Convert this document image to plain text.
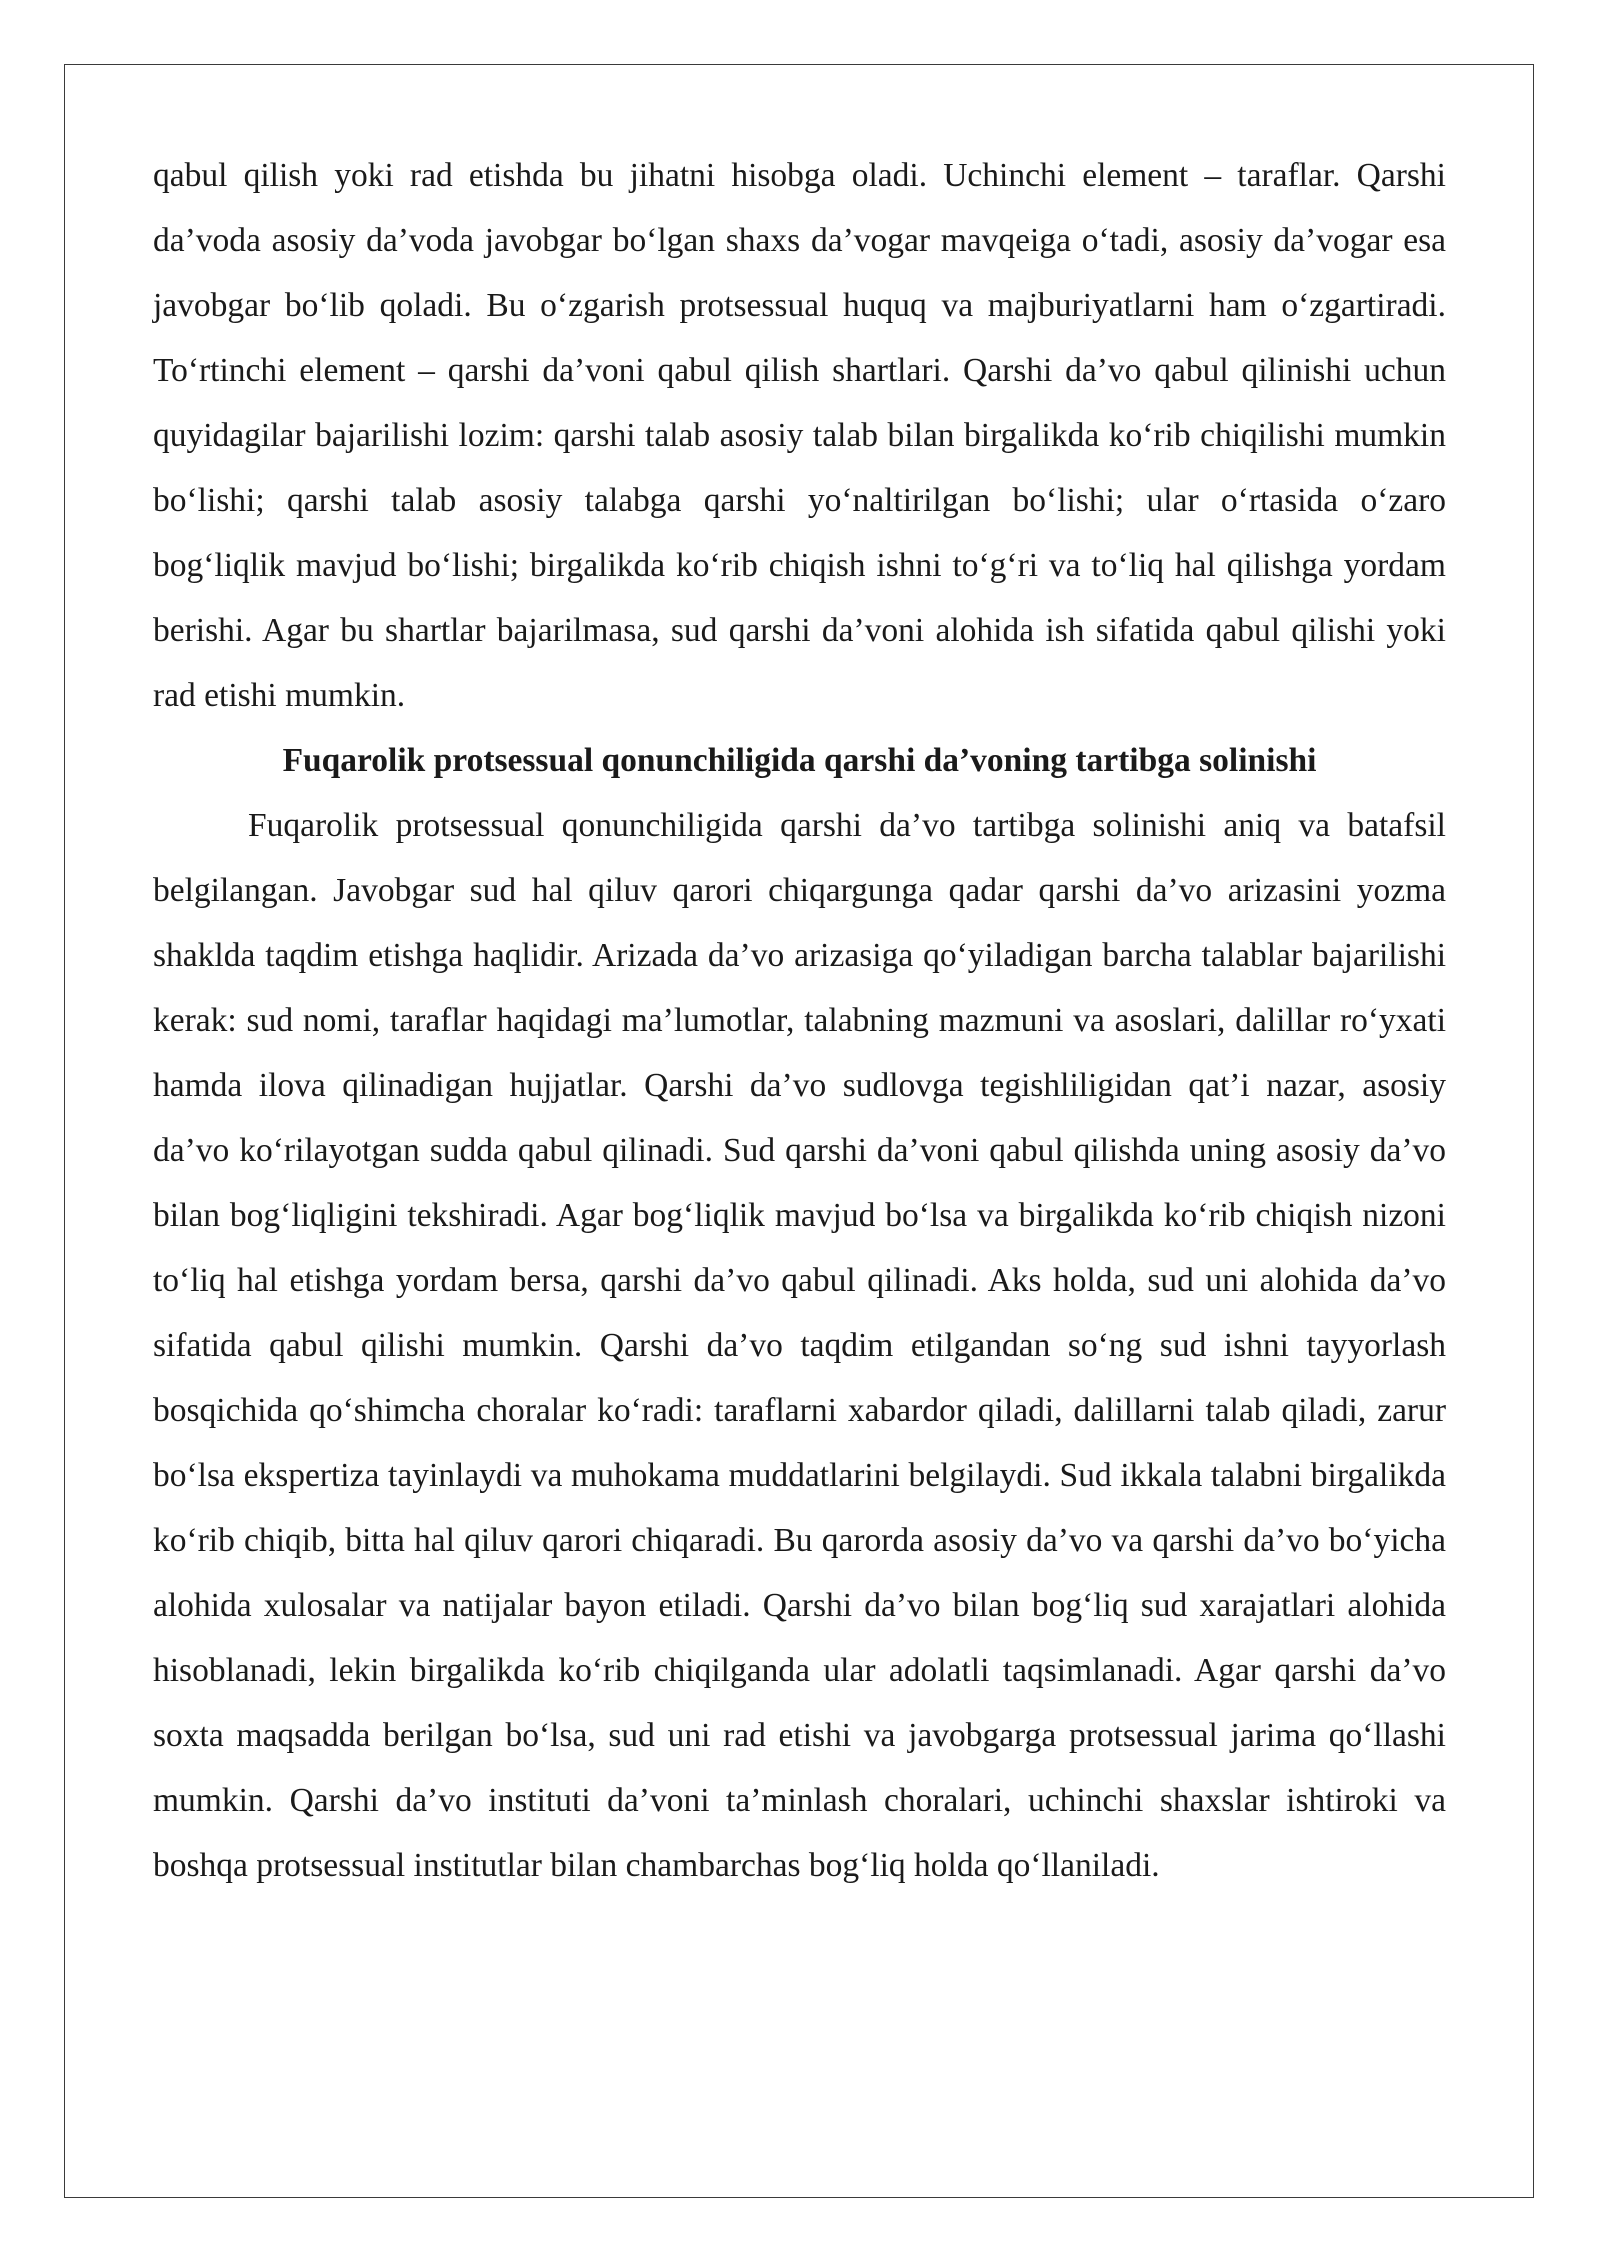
qabul qilish yoki rad etishda bu jihatni hisobga oladi. Uchinchi element – taraflar. Qarshi da’voda asosiy da’voda javobgar bo‘lgan shaxs da’vogar mavqeiga o‘tadi, asosiy da’vogar esa javobgar bo‘lib qoladi. Bu o‘zgarish protsessual huquq va majburiyatlarni ham o‘zgartiradi. To‘rtinchi element – qarshi da’voni qabul qilish shartlari. Qarshi da’vo qabul qilinishi uchun quyidagilar bajarilishi lozim: qarshi talab asosiy talab bilan birgalikda ko‘rib chiqilishi mumkin bo‘lishi; qarshi talab asosiy talabga qarshi yo‘naltirilgan bo‘lishi; ular o‘rtasida o‘zaro bog‘liqlik mavjud bo‘lishi; birgalikda ko‘rib chiqish ishni to‘g‘ri va to‘liq hal qilishga yordam berishi. Agar bu shartlar bajarilmasa, sud qarshi da’voni alohida ish sifatida qabul qilishi yoki rad etishi mumkin.

Fuqarolik protsessual qonunchiligida qarshi da’voning tartibga solinishi

Fuqarolik protsessual qonunchiligida qarshi da’vo tartibga solinishi aniq va batafsil belgilangan. Javobgar sud hal qiluv qarori chiqargunga qadar qarshi da’vo arizasini yozma shaklda taqdim etishga haqlidir. Arizada da’vo arizasiga qo‘yiladigan barcha talablar bajarilishi kerak: sud nomi, taraflar haqidagi ma’lumotlar, talabning mazmuni va asoslari, dalillar ro‘yxati hamda ilova qilinadigan hujjatlar. Qarshi da’vo sudlovga tegishliligidan qat’i nazar, asosiy da’vo ko‘rilayotgan sudda qabul qilinadi. Sud qarshi da’voni qabul qilishda uning asosiy da’vo bilan bog‘liqligini tekshiradi. Agar bog‘liqlik mavjud bo‘lsa va birgalikda ko‘rib chiqish nizoni to‘liq hal etishga yordam bersa, qarshi da’vo qabul qilinadi. Aks holda, sud uni alohida da’vo sifatida qabul qilishi mumkin. Qarshi da’vo taqdim etilgandan so‘ng sud ishni tayyorlash bosqichida qo‘shimcha choralar ko‘radi: taraflarni xabardor qiladi, dalillarni talab qiladi, zarur bo‘lsa ekspertiza tayinlaydi va muhokama muddatlarini belgilaydi. Sud ikkala talabni birgalikda ko‘rib chiqib, bitta hal qiluv qarori chiqaradi. Bu qarorda asosiy da’vo va qarshi da’vo bo‘yicha alohida xulosalar va natijalar bayon etiladi. Qarshi da’vo bilan bog‘liq sud xarajatlari alohida hisoblanadi, lekin birgalikda ko‘rib chiqilganda ular adolatli taqsimlanadi. Agar qarshi da’vo soxta maqsadda berilgan bo‘lsa, sud uni rad etishi va javobgarga protsessual jarima qo‘llashi mumkin. Qarshi da’vo instituti da’voni ta’minlash choralari, uchinchi shaxslar ishtiroki va boshqa protsessual institutlar bilan chambarchas bog‘liq holda qo‘llaniladi.
